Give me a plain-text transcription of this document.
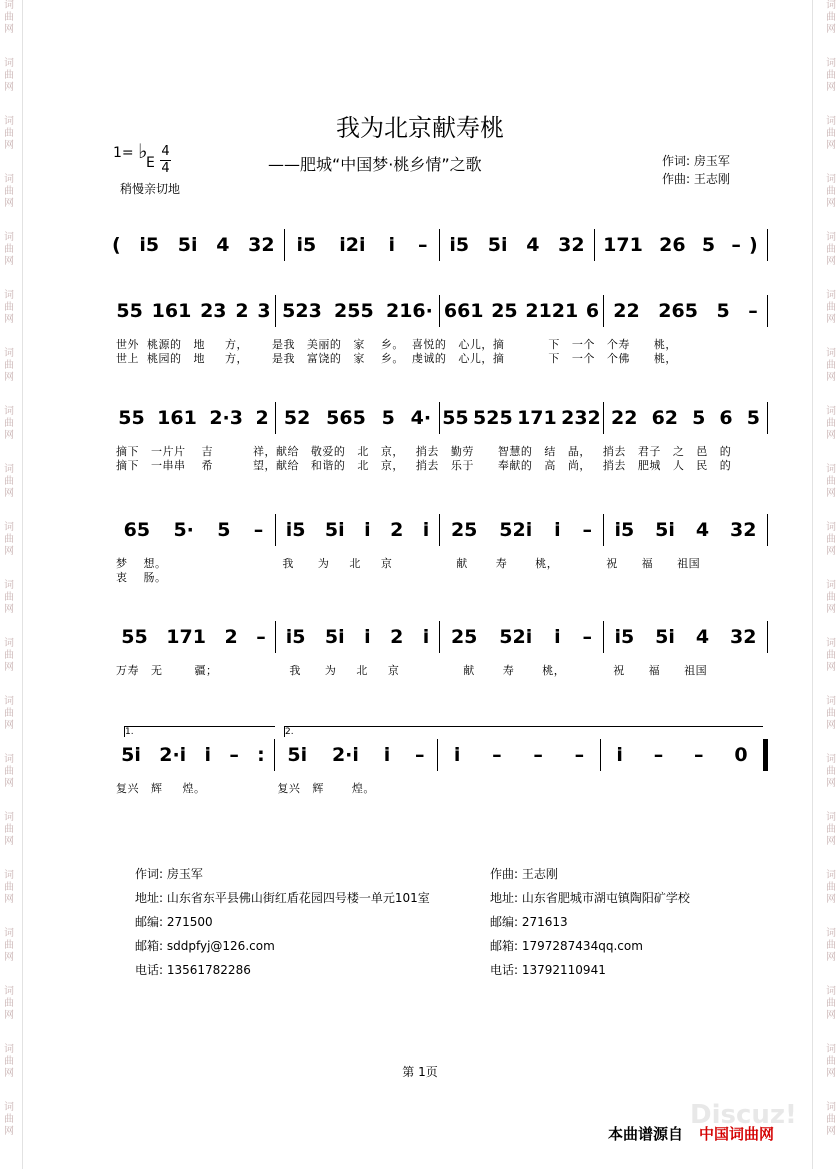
词曲网
词曲网
词曲网
词曲网
词曲网
词曲网
词曲网
词曲网
词曲网
词曲网
词曲网
词曲网
词曲网
词曲网
词曲网
词曲网
词曲网
词曲网
词曲网
词曲网
词曲网
词曲网
词曲网
词曲网
词曲网
词曲网
词曲网
词曲网
词曲网
词曲网
词曲网
词曲网
词曲网
词曲网
词曲网
词曲网
词曲网
词曲网
词曲网
词曲网
我为北京献寿桃
1= ♭
E
4
4
稍慢亲切地
——肥城“中国梦·桃乡情”之歌	作词: 房玉军
作曲: 王志刚
( i5 5i 4 32 i5 i2i i – i5 5i 4 32 171 26 5 – )
55 161 23 2 3 523 255 216· 661 25 2121 6 22 265 5 –
世外  桃源的   地     方，      是我   美丽的   家    乡。  喜悦的   心儿，摘           下   一个   个寿      桃，
世上  桃园的   地     方，      是我   富饶的   家    乡。  虔诚的   心儿，摘           下   一个   个佛      桃，
55 161 2·3 2 52 565 5 4· 55 525 171 232 22 62 5 6 5
摘下   一片片    吉          祥，献给   敬爱的   北   京，   捎去   勤劳      智慧的   结   晶，   捎去   君子   之   邑   的
摘下   一串串    希          望，献给   和谐的   北   京，   捎去   乐于      奉献的   高   尚，   捎去   肥城   人   民   的
65 5· 5 – i5 5i i 2 i 25 52i i – i5 5i 4 32
梦    想。                             我      为     北     京                献       寿       桃，            祝      福      祖国
衷    肠。
55 171 2 – i5 5i i 2 i 25 52i i – i5 5i 4 32
万寿   无        疆；                  我      为     北     京                献       寿       桃，            祝      福      祖国
5i 2·i i – : 5i 2·i i – i – – – i – – 0
1.	2.
复兴   辉     煌。                  复兴   辉       煌。
作词: 房玉军
地址: 山东省东平县佛山街红盾花园四号楼一单元101室
邮编: 271500
邮箱: sddpfyj@126.com
电话: 13561782286
作曲: 王志刚
地址: 山东省肥城市湖屯镇陶阳矿学校
邮编: 271613
邮箱: 1797287434qq.com
电话: 13792110941
第 1页
Discuz!
本曲谱源自 中国词曲网
